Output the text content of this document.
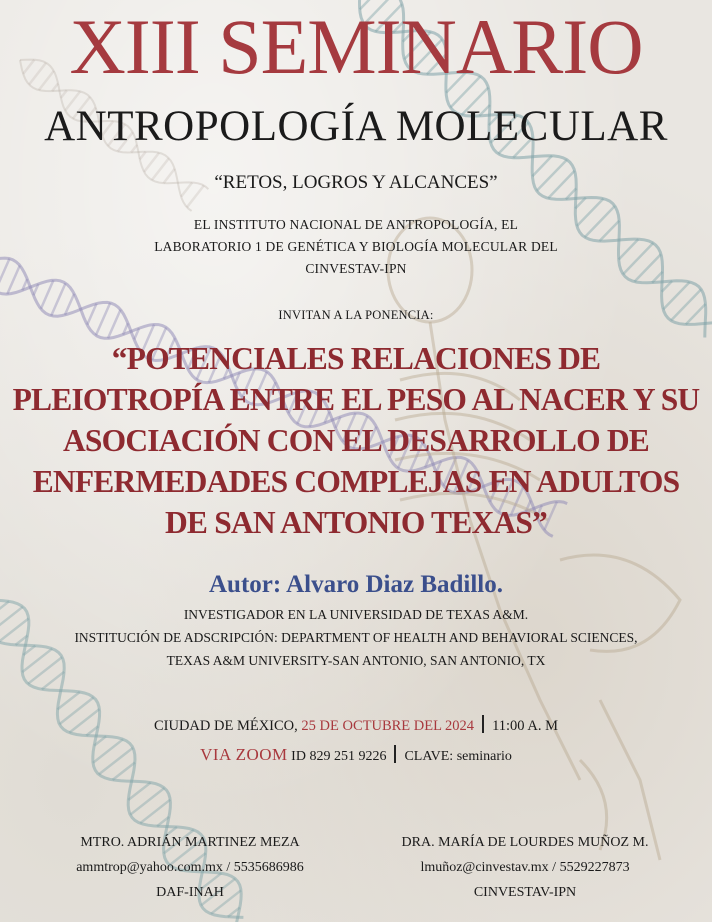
XIII SEMINARIO
ANTROPOLOGÍA MOLECULAR
“RETOS, LOGROS Y ALCANCES”
EL INSTITUTO NACIONAL DE ANTROPOLOGÍA, EL
LABORATORIO 1 DE GENÉTICA Y BIOLOGÍA MOLECULAR DEL
CINVESTAV-IPN
INVITAN A LA PONENCIA:
“POTENCIALES RELACIONES DE
PLEIOTROPÍA ENTRE EL PESO AL NACER Y SU
ASOCIACIÓN CON EL DESARROLLO DE
ENFERMEDADES COMPLEJAS EN ADULTOS
DE SAN ANTONIO TEXAS”
Autor: Alvaro Diaz Badillo.
INVESTIGADOR EN LA UNIVERSIDAD DE TEXAS A&M.
INSTITUCIÓN DE ADSCRIPCIÓN: DEPARTMENT OF HEALTH AND BEHAVIORAL SCIENCES,
TEXAS A&M UNIVERSITY-SAN ANTONIO, SAN ANTONIO, TX
CIUDAD DE MÉXICO, 25 DE OCTUBRE DEL 2024 11:00 A. M
VIA ZOOM ID 829 251 9226 CLAVE: seminario
MTRO. ADRIÁN MARTINEZ MEZA
ammtrop@yahoo.com.mx / 5535686986
DAF-INAH
DRA. MARÍA DE LOURDES MUÑOZ M.
lmuñoz@cinvestav.mx / 5529227873
CINVESTAV-IPN
